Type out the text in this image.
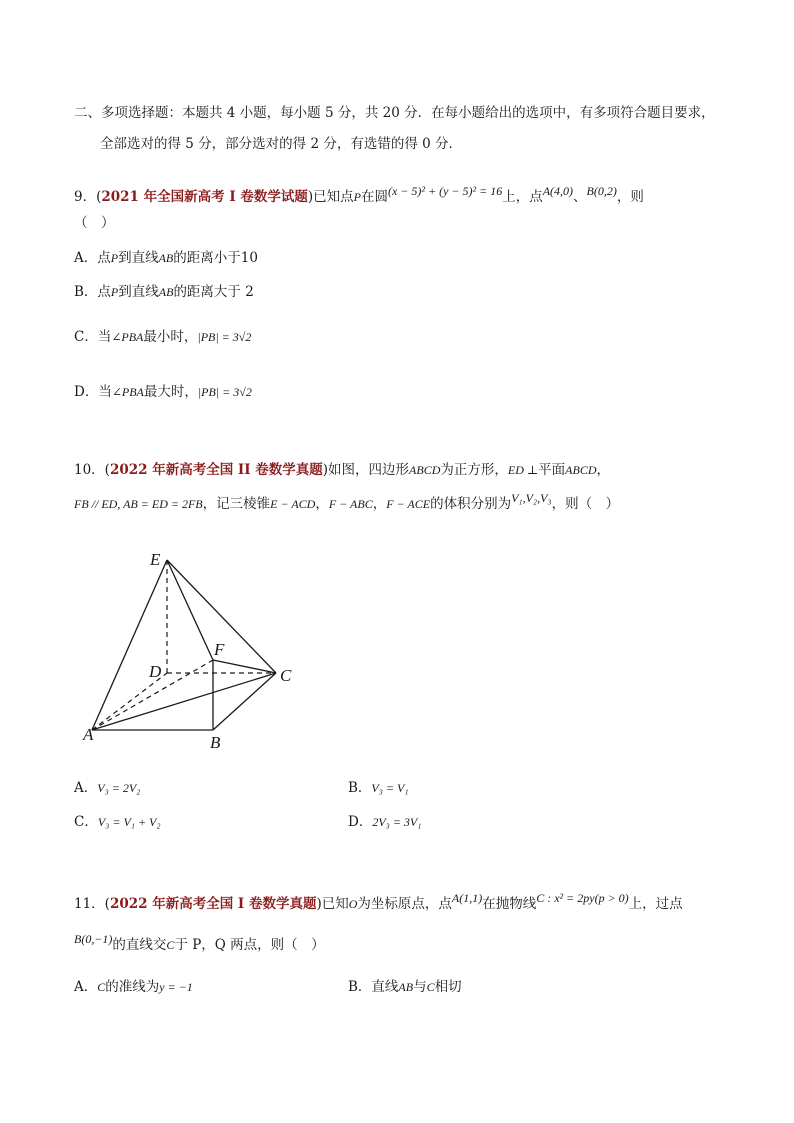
二、多项选择题：本题共 4 小题，每小题 5 分，共 20 分．在每小题给出的选项中，有多项符合题目要求，
全部选对的得 5 分，部分选对的得 2 分，有选错的得 0 分．
9．(2021 年全国新高考 I 卷数学试题)已知点P在圆(x − 5)² + (y − 5)² = 16上，点A(4,0)、B(0,2)，则
（　）
A．点P到直线AB的距离小于10
B．点P到直线AB的距离大于 2
C．当∠PBA最小时，|PB| = 3√2
D．当∠PBA最大时，|PB| = 3√2
10．(2022 年新高考全国 II 卷数学真题)如图，四边形ABCD为正方形，ED ⊥平面ABCD，
FB // ED, AB = ED = 2FB，记三棱锥E − ACD，F − ABC，F − ACE的体积分别为V₁,V₂,V₃，则（　）
E
F
D	C
A	B
A．V₃ = 2V₂	B．V₃ = V₁
C．V₃ = V₁ + V₂	D．2V₃ = 3V₁
11．(2022 年新高考全国 I 卷数学真题)已知O为坐标原点，点A(1,1)在抛物线C : x² = 2py(p > 0)上，过点
B(0,−1)的直线交C于 P，Q 两点，则（　）
A．C的准线为y = −1	B．直线AB与C相切
